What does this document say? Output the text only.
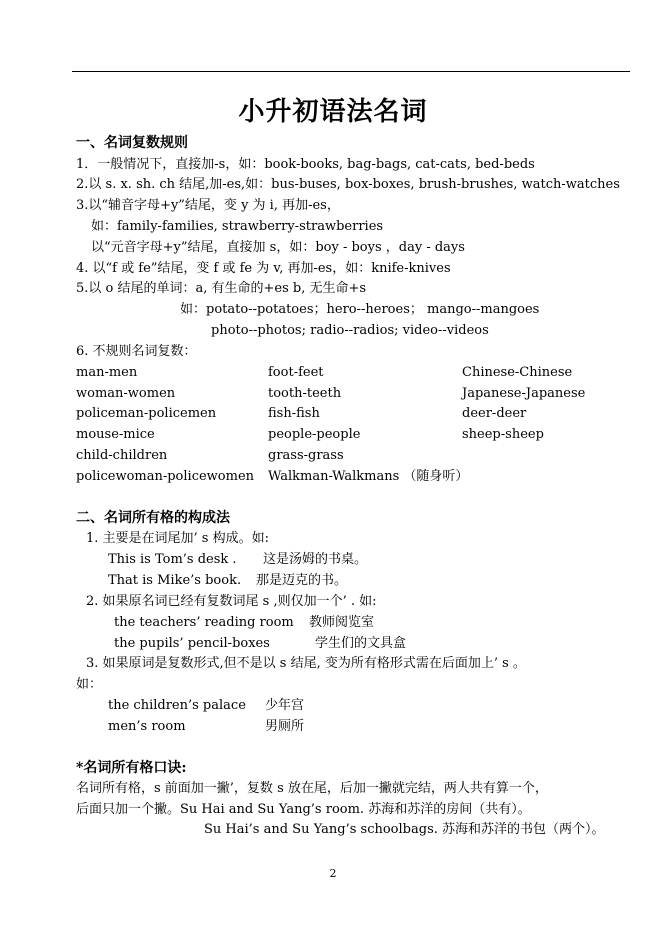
小升初语法名词
一、名词复数规则
1．一般情况下，直接加-s，如：book-books, bag-bags, cat-cats, bed-beds
2.以 s. x. sh. ch 结尾,加-es,如：bus-buses, box-boxes, brush-brushes, watch-watches
3.以“辅音字母+y”结尾，变 y 为 i, 再加-es，
如：family-families, strawberry-strawberries
以“元音字母+y”结尾，直接加 s，如：boy - boys ，day - days
4. 以“f 或 fe”结尾，变 f 或 fe 为 v, 再加-es，如：knife-knives
5.以 o 结尾的单词：a, 有生命的+es b, 无生命+s
如：potato--potatoes；hero--heroes； mango--mangoes
photo--photos; radio--radios; video--videos
6. 不规则名词复数：
man-men	foot-feet	Chinese-Chinese
woman-women	tooth-teeth	Japanese-Japanese
policeman-policemen	fish-fish	deer-deer
mouse-mice	people-people	sheep-sheep
child-children	grass-grass
policewoman-policewomen Walkman-Walkmans （随身听）
二、名词所有格的构成法
1. 主要是在词尾加’ s 构成。如:
This is Tom’s desk . 这是汤姆的书桌。
That is Mike’s book. 那是迈克的书。
2. 如果原名词已经有复数词尾 s ,则仅加一个’ . 如:
the teachers’ reading room 教师阅览室
the pupils’ pencil-boxes	学生们的文具盒
3. 如果原词是复数形式,但不是以 s 结尾, 变为所有格形式需在后面加上’ s 。
如：
the children’s palace 少年宫
men’s room	男厕所
*名词所有格口诀:
名词所有格，s 前面加一撇’，复数 s 放在尾，后加一撇就完结，两人共有算一个，
后面只加一个撇。Su Hai and Su Yang’s room. 苏海和苏洋的房间（共有）。
Su Hai’s and Su Yang’s schoolbags. 苏海和苏洋的书包（两个）。
2
